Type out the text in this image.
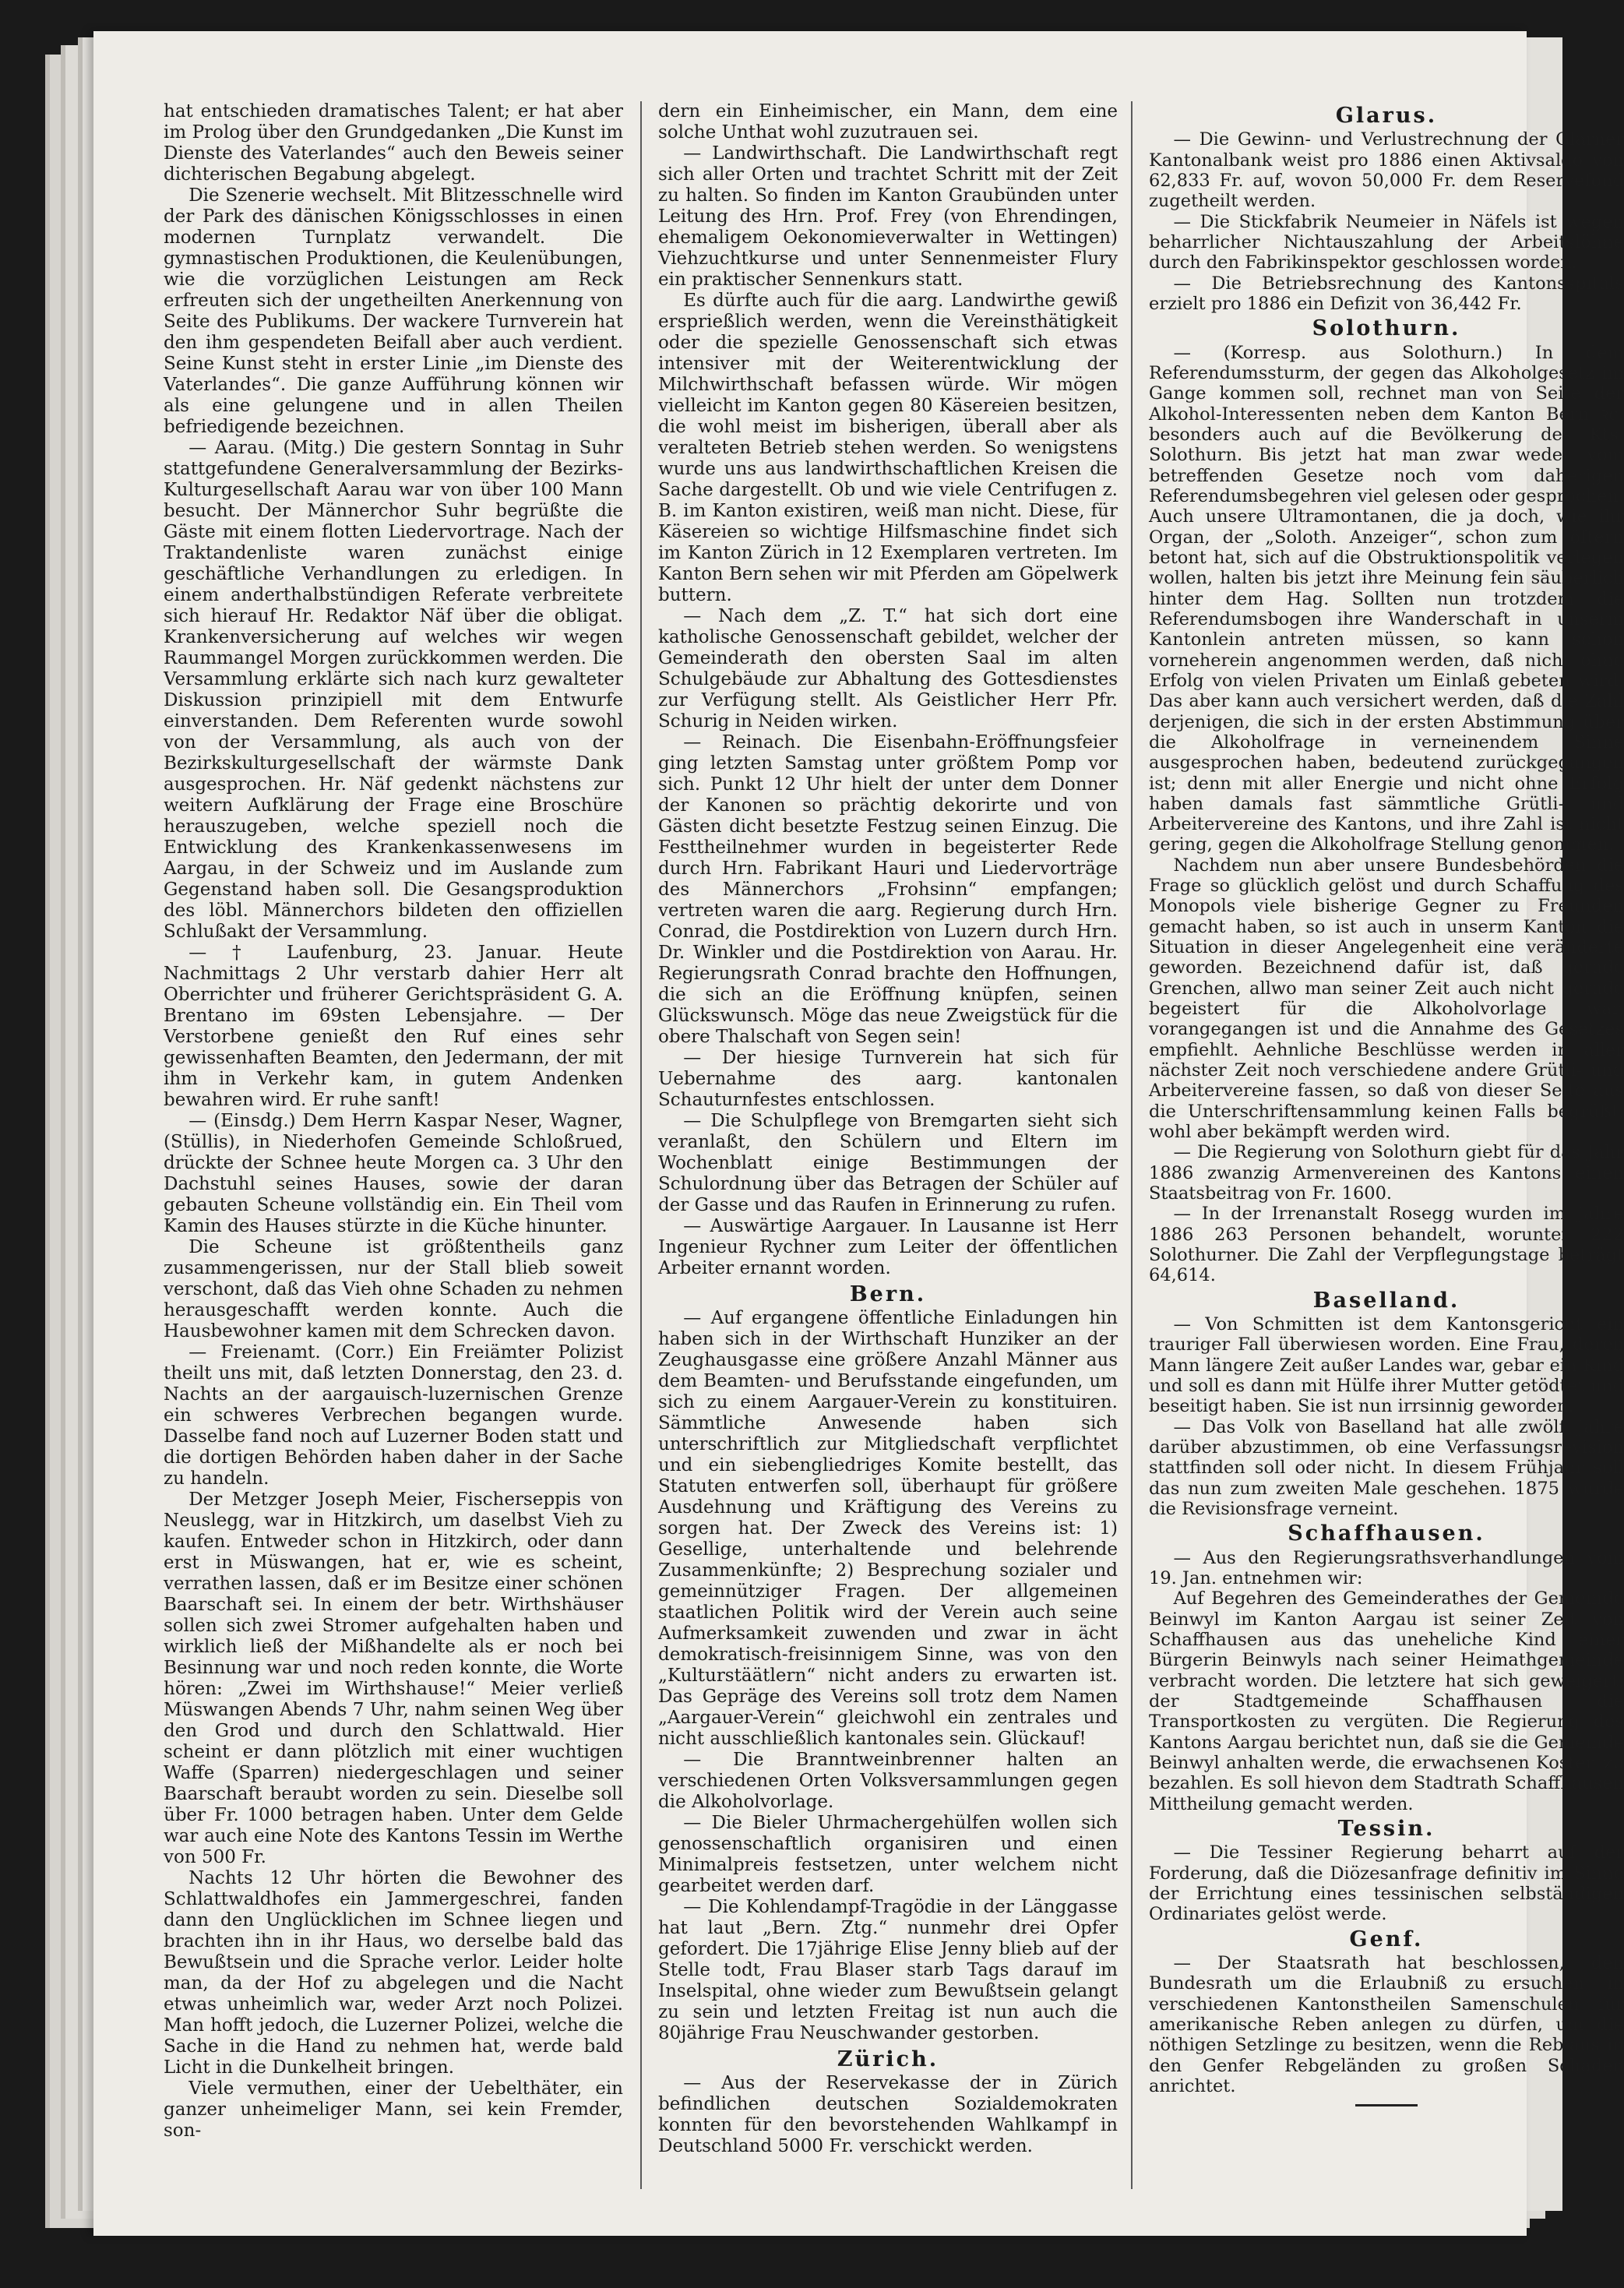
hat entschieden dramatisches Talent; er hat aber im Prolog über den Grundgedanken „Die Kunst im Dienste des Vaterlandes“ auch den Beweis seiner dichterischen Begabung abgelegt.

Die Szenerie wechselt. Mit Blitzesschnelle wird der Park des dänischen Königsschlosses in einen modernen Turnplatz verwandelt. Die gymnastischen Produktionen, die Keulenübungen, wie die vorzüglichen Leistungen am Reck erfreuten sich der ungetheilten Anerkennung von Seite des Publikums. Der wackere Turnverein hat den ihm gespendeten Beifall aber auch verdient. Seine Kunst steht in erster Linie „im Dienste des Vaterlandes“. Die ganze Aufführung können wir als eine gelungene und in allen Theilen befriedigende bezeichnen.

— Aarau. (Mitg.) Die gestern Sonntag in Suhr stattgefundene Generalversammlung der Bezirks-Kulturgesellschaft Aarau war von über 100 Mann besucht. Der Männerchor Suhr begrüßte die Gäste mit einem flotten Liedervortrage. Nach der Traktandenliste waren zunächst einige geschäftliche Verhandlungen zu erledigen. In einem anderthalbstündigen Referate verbreitete sich hierauf Hr. Redaktor Näf über die obligat. Krankenversicherung auf welches wir wegen Raummangel Morgen zurückkommen werden. Die Versammlung erklärte sich nach kurz gewalteter Diskussion prinzipiell mit dem Entwurfe einverstanden. Dem Referenten wurde sowohl von der Versammlung, als auch von der Bezirkskulturgesellschaft der wärmste Dank ausgesprochen. Hr. Näf gedenkt nächstens zur weitern Aufklärung der Frage eine Broschüre herauszugeben, welche speziell noch die Entwicklung des Krankenkassenwesens im Aargau, in der Schweiz und im Auslande zum Gegenstand haben soll. Die Gesangsproduktion des löbl. Männerchors bildeten den offiziellen Schlußakt der Versammlung.

— † Laufenburg, 23. Januar. Heute Nachmittags 2 Uhr verstarb dahier Herr alt Oberrichter und früherer Gerichtspräsident G. A. Brentano im 69sten Lebensjahre. — Der Verstorbene genießt den Ruf eines sehr gewissenhaften Beamten, den Jedermann, der mit ihm in Verkehr kam, in gutem Andenken bewahren wird. Er ruhe sanft!

— (Einsdg.) Dem Herrn Kaspar Neser, Wagner, (Stüllis), in Niederhofen Gemeinde Schloßrued, drückte der Schnee heute Morgen ca. 3 Uhr den Dachstuhl seines Hauses, sowie der daran gebauten Scheune vollständig ein. Ein Theil vom Kamin des Hauses stürzte in die Küche hinunter.

Die Scheune ist größtentheils ganz zusammengerissen, nur der Stall blieb soweit verschont, daß das Vieh ohne Schaden zu nehmen herausgeschafft werden konnte. Auch die Hausbewohner kamen mit dem Schrecken davon.

— Freienamt. (Corr.) Ein Freiämter Polizist theilt uns mit, daß letzten Donnerstag, den 23. d. Nachts an der aargauisch-luzernischen Grenze ein schweres Verbrechen begangen wurde. Dasselbe fand noch auf Luzerner Boden statt und die dortigen Behörden haben daher in der Sache zu handeln.

Der Metzger Joseph Meier, Fischerseppis von Neuslegg, war in Hitzkirch, um daselbst Vieh zu kaufen. Entweder schon in Hitzkirch, oder dann erst in Müswangen, hat er, wie es scheint, verrathen lassen, daß er im Besitze einer schönen Baarschaft sei. In einem der betr. Wirthshäuser sollen sich zwei Stromer aufgehalten haben und wirklich ließ der Mißhandelte als er noch bei Besinnung war und noch reden konnte, die Worte hören: „Zwei im Wirthshause!“ Meier verließ Müswangen Abends 7 Uhr, nahm seinen Weg über den Grod und durch den Schlattwald. Hier scheint er dann plötzlich mit einer wuchtigen Waffe (Sparren) niedergeschlagen und seiner Baarschaft beraubt worden zu sein. Dieselbe soll über Fr. 1000 betragen haben. Unter dem Gelde war auch eine Note des Kantons Tessin im Werthe von 500 Fr.

Nachts 12 Uhr hörten die Bewohner des Schlattwaldhofes ein Jammergeschrei, fanden dann den Unglücklichen im Schnee liegen und brachten ihn in ihr Haus, wo derselbe bald das Bewußtsein und die Sprache verlor. Leider holte man, da der Hof zu abgelegen und die Nacht etwas unheimlich war, weder Arzt noch Polizei. Man hofft jedoch, die Luzerner Polizei, welche die Sache in die Hand zu nehmen hat, werde bald Licht in die Dunkelheit bringen.

Viele vermuthen, einer der Uebelthäter, ein ganzer unheimeliger Mann, sei kein Fremder, son-

dern ein Einheimischer, ein Mann, dem eine solche Unthat wohl zuzutrauen sei.

— Landwirthschaft. Die Landwirthschaft regt sich aller Orten und trachtet Schritt mit der Zeit zu halten. So finden im Kanton Graubünden unter Leitung des Hrn. Prof. Frey (von Ehrendingen, ehemaligem Oekonomieverwalter in Wettingen) Viehzuchtkurse und unter Sennenmeister Flury ein praktischer Sennenkurs statt.

Es dürfte auch für die aarg. Landwirthe gewiß ersprießlich werden, wenn die Vereinsthätigkeit oder die spezielle Genossenschaft sich etwas intensiver mit der Weiterentwicklung der Milchwirthschaft befassen würde. Wir mögen vielleicht im Kanton gegen 80 Käsereien besitzen, die wohl meist im bisherigen, überall aber als veralteten Betrieb stehen werden. So wenigstens wurde uns aus landwirthschaftlichen Kreisen die Sache dargestellt. Ob und wie viele Centrifugen z. B. im Kanton existiren, weiß man nicht. Diese, für Käsereien so wichtige Hilfsmaschine findet sich im Kanton Zürich in 12 Exemplaren vertreten. Im Kanton Bern sehen wir mit Pferden am Göpelwerk buttern.

— Nach dem „Z. T.“ hat sich dort eine katholische Genossenschaft gebildet, welcher der Gemeinderath den obersten Saal im alten Schulgebäude zur Abhaltung des Gottesdienstes zur Verfügung stellt. Als Geistlicher Herr Pfr. Schurig in Neiden wirken.

— Reinach. Die Eisenbahn-Eröffnungsfeier ging letzten Samstag unter größtem Pomp vor sich. Punkt 12 Uhr hielt der unter dem Donner der Kanonen so prächtig dekorirte und von Gästen dicht besetzte Festzug seinen Einzug. Die Festtheilnehmer wurden in begeisterter Rede durch Hrn. Fabrikant Hauri und Liedervorträge des Männerchors „Frohsinn“ empfangen; vertreten waren die aarg. Regierung durch Hrn. Conrad, die Postdirektion von Luzern durch Hrn. Dr. Winkler und die Postdirektion von Aarau. Hr. Regierungsrath Conrad brachte den Hoffnungen, die sich an die Eröffnung knüpfen, seinen Glückswunsch. Möge das neue Zweigstück für die obere Thalschaft von Segen sein!

— Der hiesige Turnverein hat sich für Uebernahme des aarg. kantonalen Schauturnfestes entschlossen.

— Die Schulpflege von Bremgarten sieht sich veranlaßt, den Schülern und Eltern im Wochenblatt einige Bestimmungen der Schulordnung über das Betragen der Schüler auf der Gasse und das Raufen in Erinnerung zu rufen.

— Auswärtige Aargauer. In Lausanne ist Herr Ingenieur Rychner zum Leiter der öffentlichen Arbeiter ernannt worden.

Bern.

— Auf ergangene öffentliche Einladungen hin haben sich in der Wirthschaft Hunziker an der Zeughausgasse eine größere Anzahl Männer aus dem Beamten- und Berufsstande eingefunden, um sich zu einem Aargauer-Verein zu konstituiren. Sämmtliche Anwesende haben sich unterschriftlich zur Mitgliedschaft verpflichtet und ein siebengliedriges Komite bestellt, das Statuten entwerfen soll, überhaupt für größere Ausdehnung und Kräftigung des Vereins zu sorgen hat. Der Zweck des Vereins ist: 1) Gesellige, unterhaltende und belehrende Zusammenkünfte; 2) Besprechung sozialer und gemeinnütziger Fragen. Der allgemeinen staatlichen Politik wird der Verein auch seine Aufmerksamkeit zuwenden und zwar in ächt demokratisch-freisinnigem Sinne, was von den „Kulturstäätlern“ nicht anders zu erwarten ist. Das Gepräge des Vereins soll trotz dem Namen „Aargauer-Verein“ gleichwohl ein zentrales und nicht ausschließlich kantonales sein. Glückauf!

— Die Branntweinbrenner halten an verschiedenen Orten Volksversammlungen gegen die Alkoholvorlage.

— Die Bieler Uhrmachergehülfen wollen sich genossenschaftlich organisiren und einen Minimalpreis festsetzen, unter welchem nicht gearbeitet werden darf.

— Die Kohlendampf-Tragödie in der Länggasse hat laut „Bern. Ztg.“ nunmehr drei Opfer gefordert. Die 17jährige Elise Jenny blieb auf der Stelle todt, Frau Blaser starb Tags darauf im Inselspital, ohne wieder zum Bewußtsein gelangt zu sein und letzten Freitag ist nun auch die 80jährige Frau Neuschwander gestorben.

Zürich.

— Aus der Reservekasse der in Zürich befindlichen deutschen Sozialdemokraten konnten für den bevorstehenden Wahlkampf in Deutschland 5000 Fr. verschickt werden.

Glarus.

— Die Gewinn- und Verlustrechnung der Glarner Kantonalbank weist pro 1886 einen Aktivsaldo von 62,833 Fr. auf, wovon 50,000 Fr. dem Reservefond zugetheilt werden.

— Die Stickfabrik Neumeier in Näfels ist wegen beharrlicher Nichtauszahlung der Arbeitslöhne durch den Fabrikinspektor geschlossen worden.

— Die Betriebsrechnung des Kantonsspitals erzielt pro 1886 ein Defizit von 36,442 Fr.

Solothurn.

— (Korresp. aus Solothurn.) In dem Referendumssturm, der gegen das Alkoholgesetz im Gange kommen soll, rechnet man von Seite der Alkohol-Interessenten neben dem Kanton Bern ꝛc. besonders auch auf die Bevölkerung des Kts. Solothurn. Bis jetzt hat man zwar weder vom betreffenden Gesetze noch vom daherigen Referendumsbegehren viel gelesen oder gesprochen. Auch unsere Ultramontanen, die ja doch, wie ihr Organ, der „Soloth. Anzeiger“, schon zum öftern betont hat, sich auf die Obstruktionspolitik verlegen wollen, halten bis jetzt ihre Meinung fein säuberlich hinter dem Hag. Sollten nun trotzdem die Referendumsbogen ihre Wanderschaft in unserm Kantonlein antreten müssen, so kann schon vorneherein angenommen werden, daß nicht ohne Erfolg von vielen Privaten um Einlaß gebeten wird. Das aber kann auch versichert werden, daß die Zahl derjenigen, die sich in der ersten Abstimmung über die Alkoholfrage in verneinendem Sinne ausgesprochen haben, bedeutend zurückgegangen ist; denn mit aller Energie und nicht ohne Erfolg haben damals fast sämmtliche Grütli- und Arbeitervereine des Kantons, und ihre Zahl ist nicht gering, gegen die Alkoholfrage Stellung genommen.

Nachdem nun aber unsere Bundesbehörden die Frage so glücklich gelöst und durch Schaffung des Monopols viele bisherige Gegner zu Freunden gemacht haben, so ist auch in unserm Kanton die Situation in dieser Angelegenheit eine veränderte geworden. Bezeichnend dafür ist, daß gerade Grenchen, allwo man seiner Zeit auch nicht gerade begeistert für die Alkoholvorlage war, vorangegangen ist und die Annahme des Gesetzes empfiehlt. Aehnliche Beschlüsse werden in aller nächster Zeit noch verschiedene andere Grütli- und Arbeitervereine fassen, so daß von dieser Seite aus die Unterschriftensammlung keinen Falls begrüßt, wohl aber bekämpft werden wird.

— Die Regierung von Solothurn giebt für das Jahr 1886 zwanzig Armenvereinen des Kantons einen Staatsbeitrag von Fr. 1600.

— In der Irrenanstalt Rosegg wurden im Jahre 1886 263 Personen behandelt, worunter 222 Solothurner. Die Zahl der Verpflegungstage beträgt 64,614.

Baselland.

— Von Schmitten ist dem Kantonsgericht ein trauriger Fall überwiesen worden. Eine Frau, deren Mann längere Zeit außer Landes war, gebar ein Kind und soll es dann mit Hülfe ihrer Mutter getödtet und beseitigt haben. Sie ist nun irrsinnig geworden.

— Das Volk von Baselland hat alle zwölf Jahre darüber abzustimmen, ob eine Verfassungsrevision stattfinden soll oder nicht. In diesem Frühjahr soll das nun zum zweiten Male geschehen. 1875 wurde die Revisionsfrage verneint.

Schaffhausen.

— Aus den Regierungsrathsverhandlungen vom 19. Jan. entnehmen wir:

Auf Begehren des Gemeinderathes der Gemeinde Beinwyl im Kanton Aargau ist seiner Zeit von Schaffhausen aus das uneheliche Kind einer Bürgerin Beinwyls nach seiner Heimathgemeinde verbracht worden. Die letztere hat sich geweigert, der Stadtgemeinde Schaffhausen die Transportkosten zu vergüten. Die Regierung des Kantons Aargau berichtet nun, daß sie die Gemeinde Beinwyl anhalten werde, die erwachsenen Kosten zu bezahlen. Es soll hievon dem Stadtrath Schaffhausen Mittheilung gemacht werden.

Tessin.

— Die Tessiner Regierung beharrt auf der Forderung, daß die Diözesanfrage definitiv im Sinne der Errichtung eines tessinischen selbständigen Ordinariates gelöst werde.

Genf.

— Der Staatsrath hat beschlossen, den Bundesrath um die Erlaubniß zu ersuchen, in verschiedenen Kantonstheilen Samenschulen für amerikanische Reben anlegen zu dürfen, um die nöthigen Setzlinge zu besitzen, wenn die Reblaus in den Genfer Rebgeländen zu großen Schaden anrichtet.
